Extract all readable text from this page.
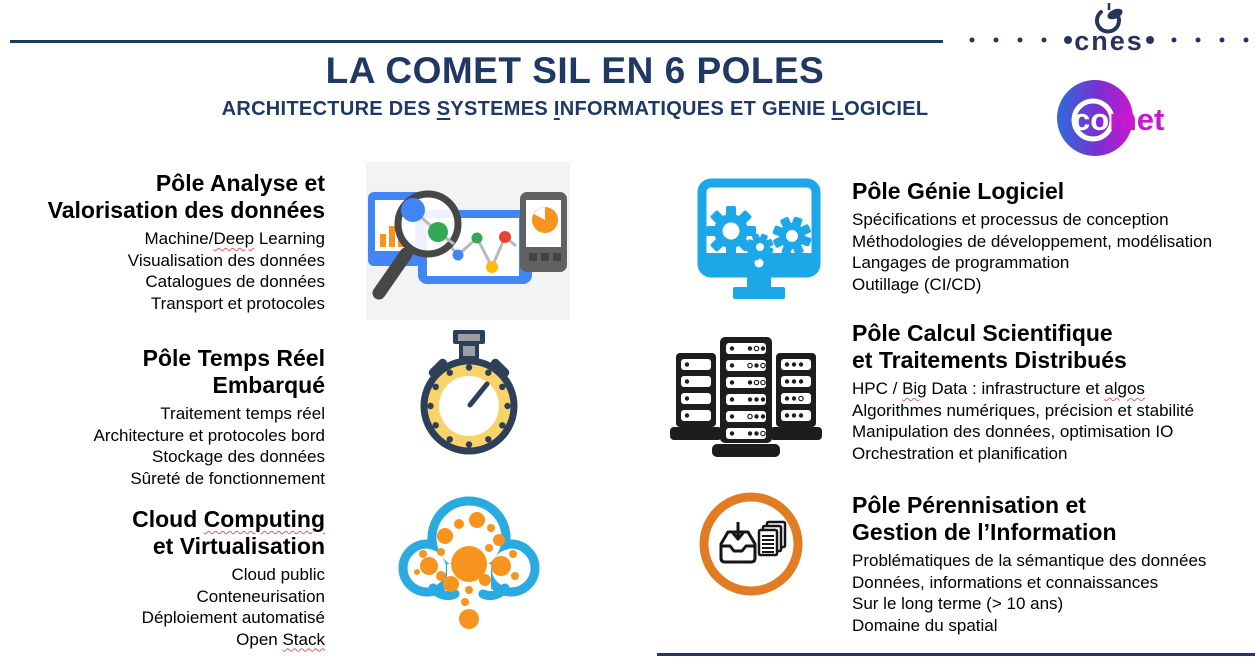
LA COMET SIL EN 6 POLES
ARCHITECTURE DES SYSTEMES INFORMATIQUES ET GENIE LOGICIEL
cnes
comet
Pôle Analyse et
Valorisation des données
Machine/Deep Learning
Visualisation des données
Catalogues de données
Transport et protocoles
Pôle Temps Réel
Embarqué
Traitement temps réel
Architecture et protocoles bord
Stockage des données
Sûreté de fonctionnement
Cloud Computing
et Virtualisation
Cloud public
Conteneurisation
Déploiement automatisé
Open Stack
Pôle Génie Logiciel
Spécifications et processus de conception
Méthodologies de développement, modélisation
Langages de programmation
Outillage (CI/CD)
Pôle Calcul Scientifique
et Traitements Distribués
HPC / Big Data : infrastructure et algos
Algorithmes numériques, précision et stabilité
Manipulation des données, optimisation IO
Orchestration et planification
Pôle Pérennisation et
Gestion de l’Information
Problématiques de la sémantique des données
Données, informations et connaissances
Sur le long terme (> 10 ans)
Domaine du spatial
